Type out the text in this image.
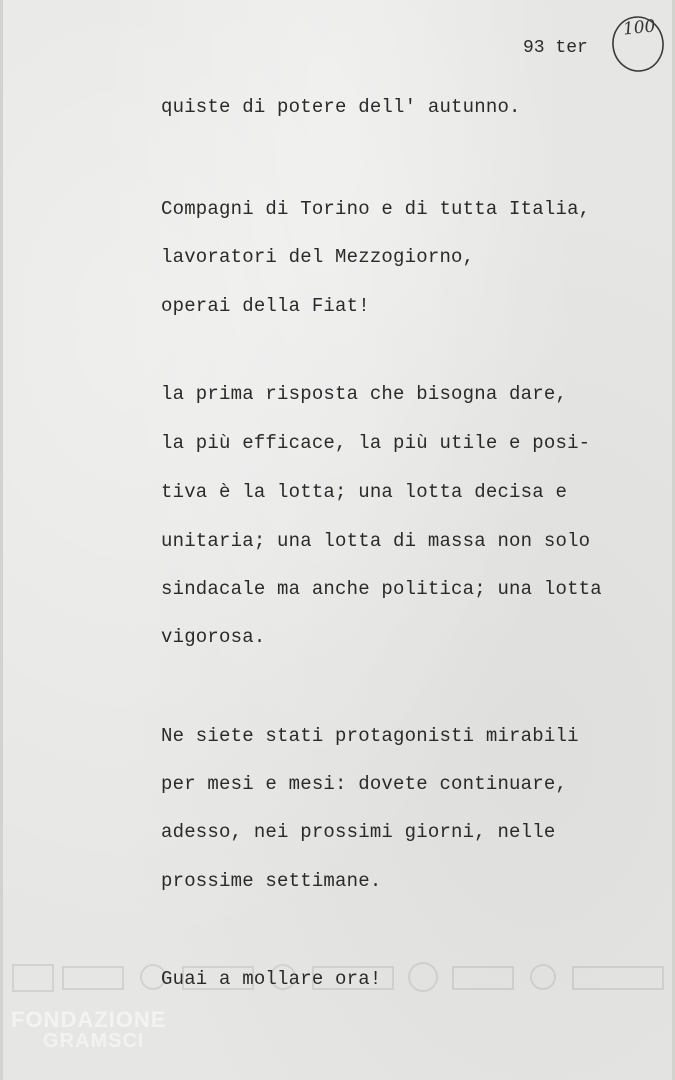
93 ter
100
quiste di potere dell' autunno.
Compagni di Torino e di tutta Italia,
lavoratori del Mezzogiorno,
operai della Fiat!
la prima risposta che bisogna dare,
la più efficace, la più utile e posi-
tiva è la lotta; una lotta decisa e
unitaria; una lotta di massa non solo
sindacale ma anche politica; una lotta
vigorosa.
Ne siete stati protagonisti mirabili
per mesi e mesi: dovete continuare,
adesso, nei prossimi giorni, nelle
prossime settimane.
Guai a mollare ora!
FONDAZIONE
GRAMSCI
